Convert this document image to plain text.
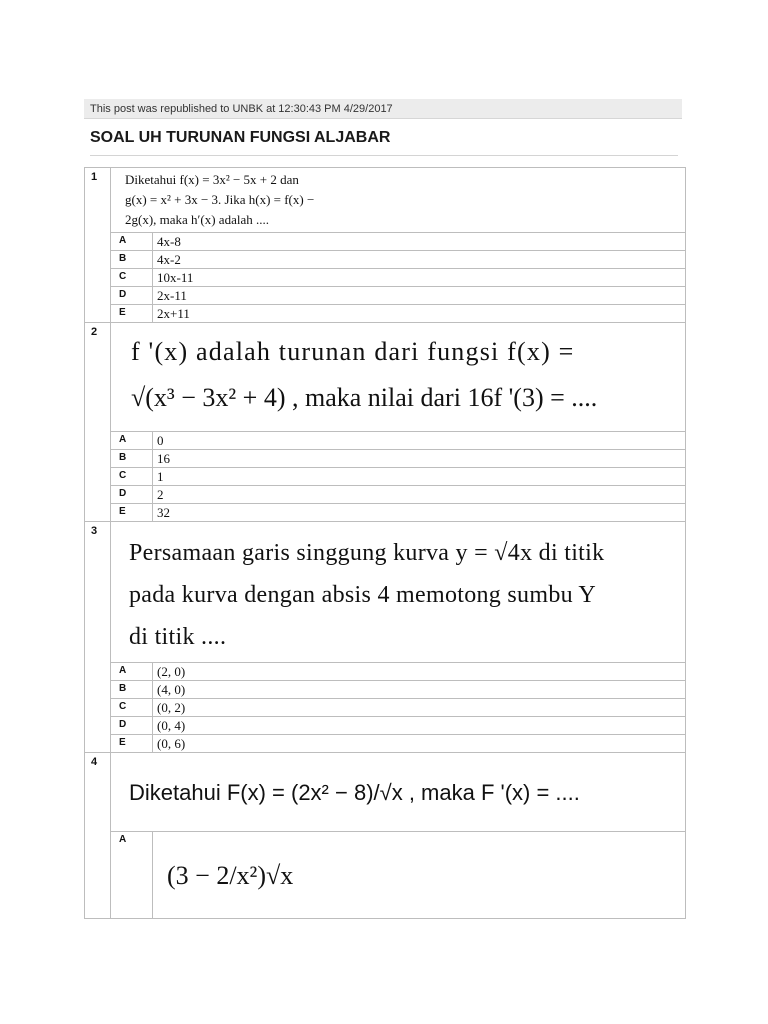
This post was republished to UNBK at 12:30:43 PM 4/29/2017
SOAL UH TURUNAN FUNGSI ALJABAR
1	Diketahui f(x) = 3x² − 5x + 2 dan
g(x) = x² + 3x − 3. Jika h(x) = f(x) −
2g(x), maka h′(x) adalah ....	

	A	4x-8
	B	4x-2
	C	10x-11
	D	2x-11
	E	2x+11
2	f '(x) adalah turunan dari fungsi f(x) =
√(x³ − 3x² + 4) , maka nilai dari 16f '(3) = ....	

	A	0
	B	16
	C	1
	D	2
	E	32
3	Persamaan garis singgung kurva y = √4x di titik
pada kurva dengan absis 4 memotong sumbu Y
di titik ....	

	A	(2, 0)
	B	(4, 0)
	C	(0, 2)
	D	(0, 4)
	E	(0, 6)
4	Diketahui F(x) = (2x² − 8)/√x , maka F '(x) = ....	

	A	(3 − 2/x²)√x
